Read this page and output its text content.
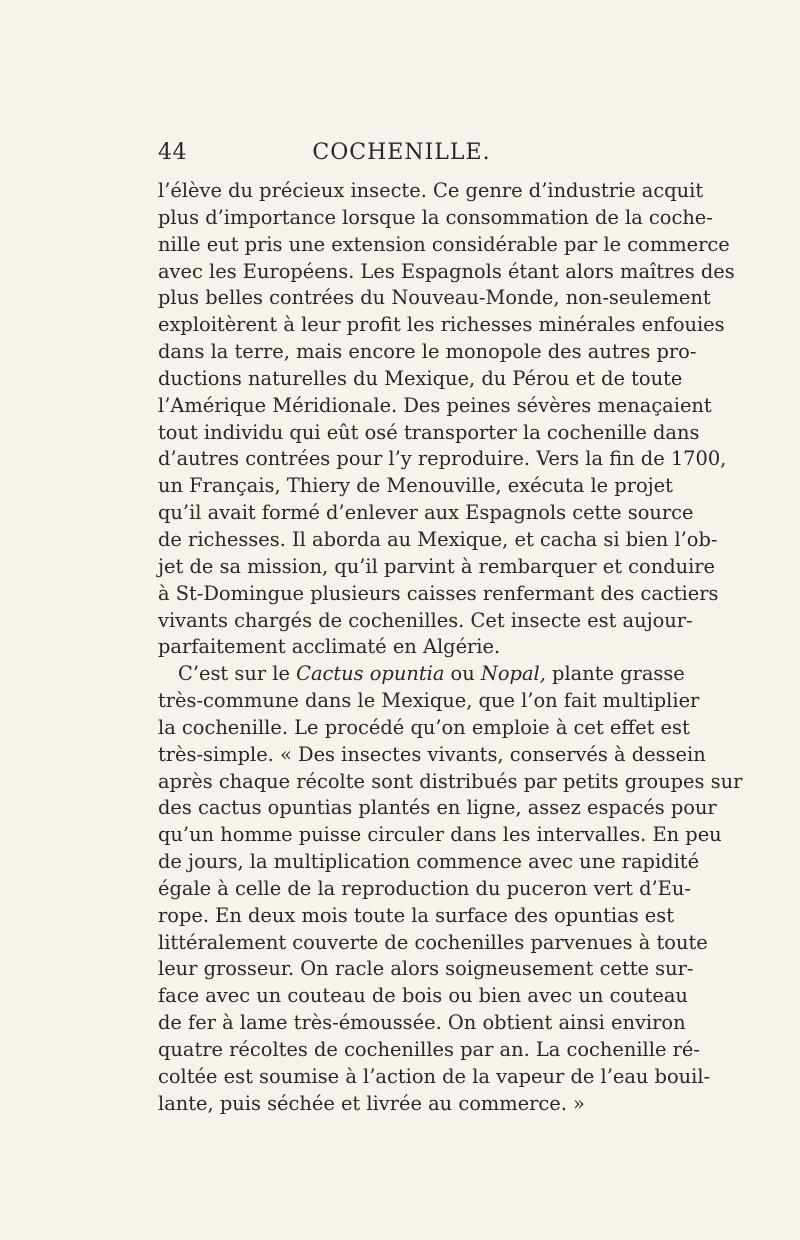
44	COCHENILLE.
l’élève du précieux insecte. Ce genre d’industrie acquit
plus d’importance lorsque la consommation de la coche-
nille eut pris une extension considérable par le commerce
avec les Européens. Les Espagnols étant alors maîtres des
plus belles contrées du Nouveau-Monde, non-seulement
exploitèrent à leur profit les richesses minérales enfouies
dans la terre, mais encore le monopole des autres pro-
ductions naturelles du Mexique, du Pérou et de toute
l’Amérique Méridionale. Des peines sévères menaçaient
tout individu qui eût osé transporter la cochenille dans
d’autres contrées pour l’y reproduire. Vers la fin de 1700,
un Français, Thiery de Menouville, exécuta le projet
qu’il avait formé d’enlever aux Espagnols cette source
de richesses. Il aborda au Mexique, et cacha si bien l’ob-
jet de sa mission, qu’il parvint à rembarquer et conduire
à St-Domingue plusieurs caisses renfermant des cactiers
vivants chargés de cochenilles. Cet insecte est aujour-
parfaitement acclimaté en Algérie.
C’est sur le Cactus opuntia ou Nopal, plante grasse
très-commune dans le Mexique, que l’on fait multiplier
la cochenille. Le procédé qu’on emploie à cet effet est
très-simple. « Des insectes vivants, conservés à dessein
après chaque récolte sont distribués par petits groupes sur
des cactus opuntias plantés en ligne, assez espacés pour
qu’un homme puisse circuler dans les intervalles. En peu
de jours, la multiplication commence avec une rapidité
égale à celle de la reproduction du puceron vert d’Eu-
rope. En deux mois toute la surface des opuntias est
littéralement couverte de cochenilles parvenues à toute
leur grosseur. On racle alors soigneusement cette sur-
face avec un couteau de bois ou bien avec un couteau
de fer à lame très-émoussée. On obtient ainsi environ
quatre récoltes de cochenilles par an. La cochenille ré-
coltée est soumise à l’action de la vapeur de l’eau bouil-
lante, puis séchée et livrée au commerce. »
